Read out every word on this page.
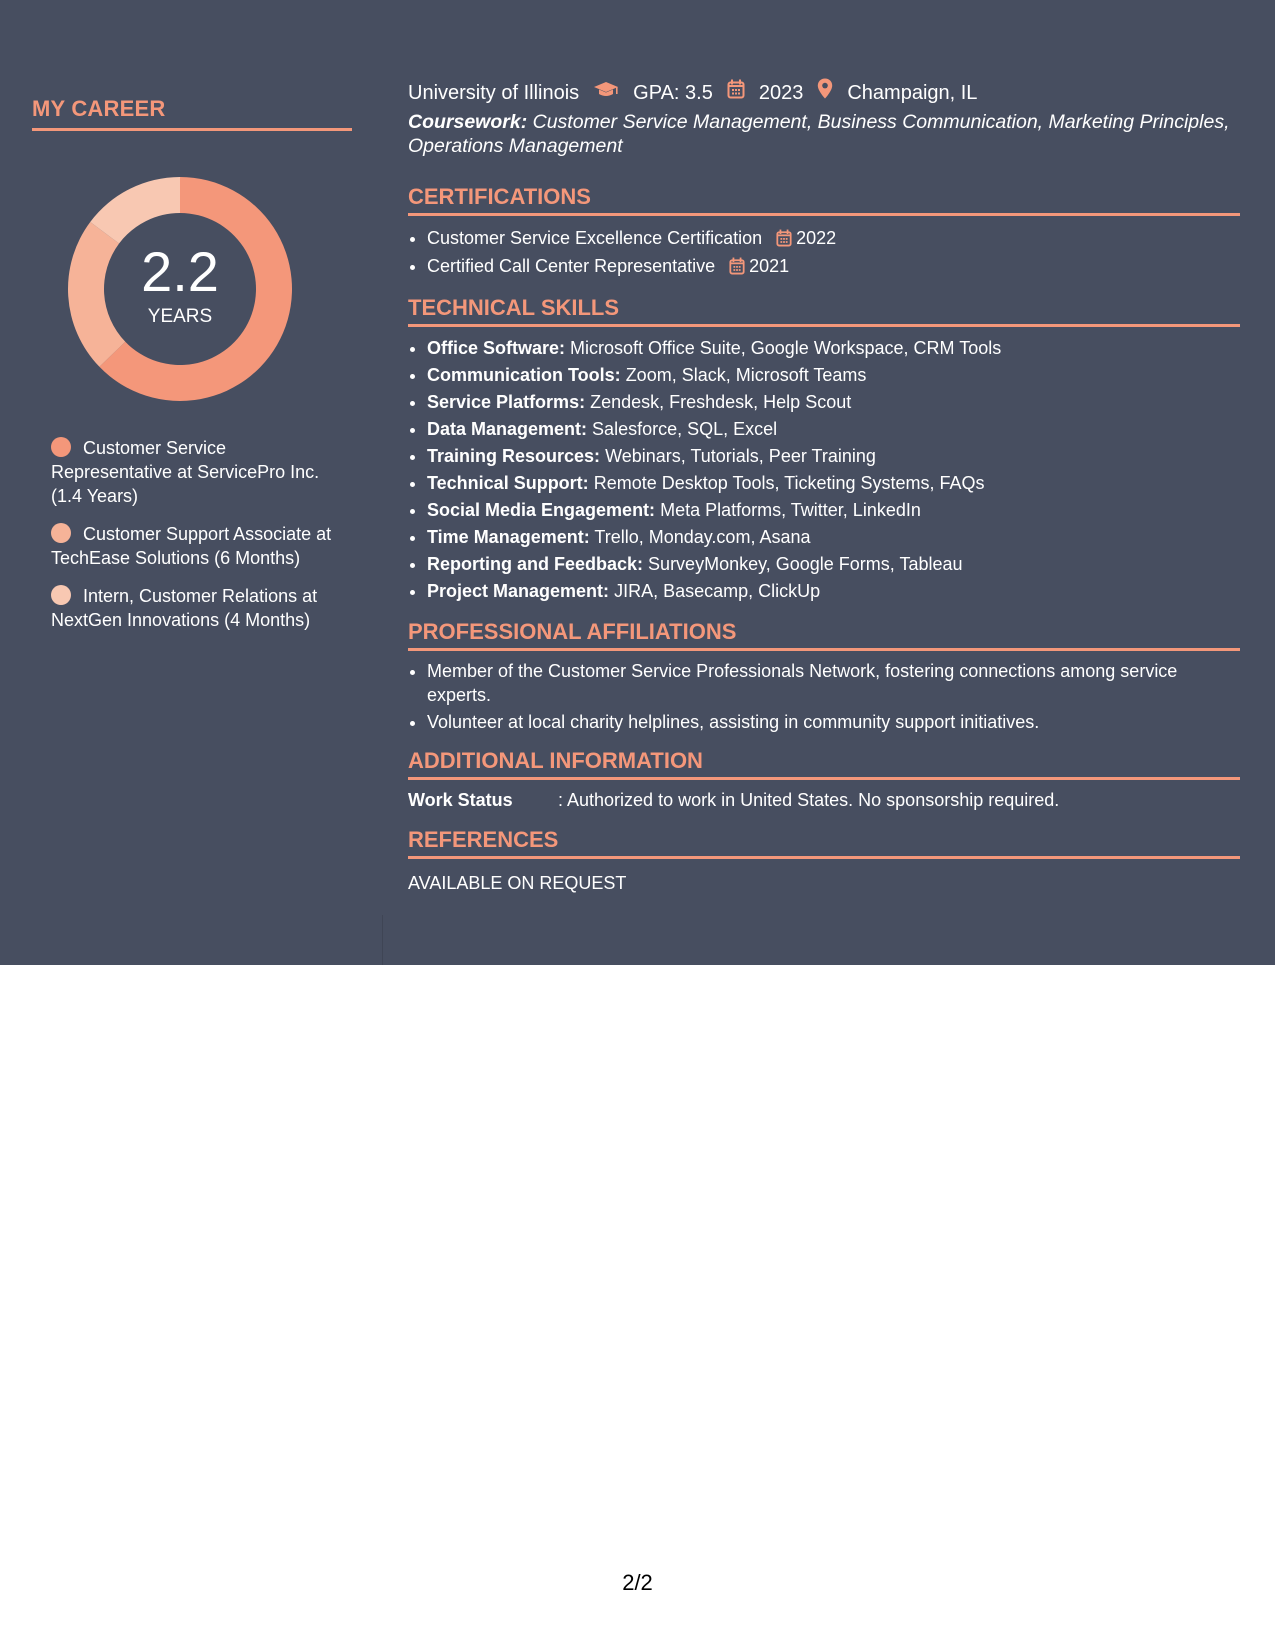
MY CAREER
2.2
YEARS
Customer Service Representative at ServicePro Inc. (1.4 Years)
Customer Support Associate at TechEase Solutions (6 Months)
Intern, Customer Relations at NextGen Innovations (4 Months)
University of Illinois	GPA: 3.5 2023 Champaign, IL
Coursework: Customer Service Management, Business Communication, Marketing Principles, Operations Management
CERTIFICATIONS
• Customer Service Excellence Certification 2022
• Certified Call Center Representative 2021
TECHNICAL SKILLS
• Office Software: Microsoft Office Suite, Google Workspace, CRM Tools
• Communication Tools: Zoom, Slack, Microsoft Teams
• Service Platforms: Zendesk, Freshdesk, Help Scout
• Data Management: Salesforce, SQL, Excel
• Training Resources: Webinars, Tutorials, Peer Training
• Technical Support: Remote Desktop Tools, Ticketing Systems, FAQs
• Social Media Engagement: Meta Platforms, Twitter, LinkedIn
• Time Management: Trello, Monday.com, Asana
• Reporting and Feedback: SurveyMonkey, Google Forms, Tableau
• Project Management: JIRA, Basecamp, ClickUp
PROFESSIONAL AFFILIATIONS
• Member of the Customer Service Professionals Network, fostering connections among service experts.
• Volunteer at local charity helplines, assisting in community support initiatives.
ADDITIONAL INFORMATION
Work Status	: Authorized to work in United States. No sponsorship required.
REFERENCES
AVAILABLE ON REQUEST
2/2
